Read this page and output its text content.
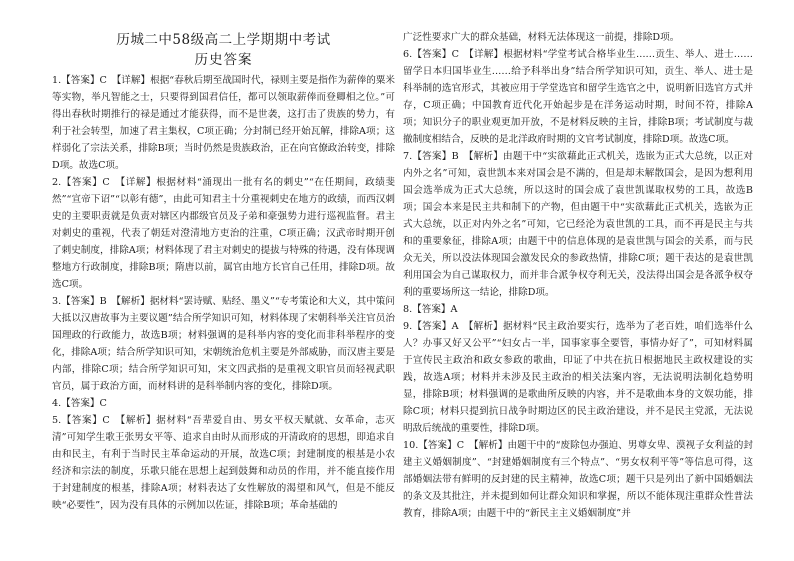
历城二中58级高二上学期期中考试

历史答案

1.【答案】C　【详解】根据“春秋后期至战国时代，禄则主要是指作为薪俸的粟米等实物，举凡智能之士，只要得到国君信任，都可以领取薪俸而登卿相之位。”可得出春秋时期推行的禄是通过才能获得，而不是世袭，这打击了贵族的势力，有利于社会转型，加速了君主集权，C项正确；分封制已经开始瓦解，排除A项；这样弱化了宗法关系，排除B项；当时仍然是贵族政治，正在向官僚政治转变，排除D项。故选C项。

2.【答案】C　【详解】根据材料“涌现出一批有名的刺史”“在任期间，政绩斐然”“宣帝下诏”“以彰有德”，由此可知君主十分重视刺史在地方的政绩，而西汉刺史的主要职责就是负责对辖区内郡级官员及子弟和豪强势力进行巡视监督。君主对刺史的重视，代表了朝廷对澄清地方吏治的注重，C项正确；汉武帝时期开创了刺史制度，排除A项；材料体现了君主对刺史的提拔与特殊的待遇，没有体现调整地方行政制度，排除B项；隋唐以前，属官由地方长官自己任用，排除D项。故选C项。

3.【答案】B　【解析】据材料“罢诗赋、贴经、墨义”“专考策论和大义，其中策问大抵以汉唐故事为主要议题”结合所学知识可知，材料体现了宋朝科举关注官员治国理政的行政能力，故选B项；材料强调的是科举内容的变化而非科举程序的变化，排除A项；结合所学知识可知，宋朝统治危机主要是外部威胁，而汉唐主要是内部，排除C项；结合所学知识可知，宋文四武指的是重视文职官员而轻视武职官员，属于政治方面，而材料讲的是科举制内容的变化，排除D项。

4.【答案】C

5.【答案】C　【解析】据材料“吾辈爱自由、男女平权天赋就、女革命，志灭清”可知学生歌王张男女平等、追求自由时从而形成的开清政府的思想，即追求自由和民主，有利于当时民主革命运动的开展，故选C项；封建制度的根基是小农经济和宗法的制度，乐歌只能在思想上起到鼓舞和动员的作用，并不能直接作用于封建制度的根基，排除A项；材料表达了女性解放的渴望和风气，但是不能反映“必要性”，因为没有具体的示例加以佐证，排除B项；革命基础的

广泛性要求广大的群众基础，材料无法体现这一前提，排除D项。

6.【答案】C　【详解】根据材料“学堂考试合格毕业生……贡生、举人、进士……留学日本归国毕业生……给予科举出身”结合所学知识可知，贡生、举人、进士是科举制的选官形式，其被应用于学堂选官和留学生选官之中，说明新旧选官方式并存，C项正确；中国教育近代化开始起步是在洋务运动时期，时间不符，排除A项；知识分子的职业观更加开放，不是材料反映的主旨，排除B项；考试制度与裁撤制度相结合，反映的是北洋政府时期的文官考试制度，排除D项。故选C项。

7.【答案】B　【解析】由题干中“实欲藉此正式机关，选嵌为正式大总统，以正对内外之名”可知，袁世凯本来对国会是不满的，但是却未解散国会，是因为想利用国会选举成为正式大总统，所以这时的国会成了袁世凯谋取权势的工具，故选B项；国会本来是民主共和制下的产物，但由题干中“实欲藉此正式机关，选嵌为正式大总统，以正对内外之名”可知，它已经沦为袁世凯的工具，而不再是民主与共和的重要象征，排除A项；由题干中的信息体现的是袁世凯与国会的关系，而与民众无关，所以没法体现国会激发民众的参政热情，排除C项；题干表达的是袁世凯利用国会为自己谋取权力，而并非合派争权夺利无关，没法得出国会是各派争权夺利的重要场所这一结论，排除D项。

8.【答案】A

9.【答案】A　【解析】据材料“民主政治要实行，选举为了老百姓，咱们选举什么人？办事又好又公平”“妇女占一半，国事家事全要管，事情办好了”，可知材料属于宣传民主政治和政女参政的歌曲，印证了中共在抗日根据地民主政权建设的实践，故选A项；材料并未涉及民主政治的相关法案内容，无法说明法制化趋势明显，排除B项；材料强调的是歌曲所反映的内容，并不是歌曲本身的文娱功能，排除C项；材料只提到抗日战争时期边区的民主政治建设，并不是民主党派，无法说明敌后统战的重要性，排除D项。

10.【答案】C　【解析】由题干中的“废除包办强迫、男尊女卑、漠视子女利益的封建主义婚姻制度”、“封建婚姻制度有三个特点”、“男女权利平等”等信息可得，这部婚姻法带有鲜明的反封建的民主精神，故选C项；题干只是列出了新中国婚姻法的条文及其批注，并未提到如何让群众知识和掌握，所以不能体现注重群众性普法教育，排除A项；由题干中的“新民主主义婚姻制度”并
